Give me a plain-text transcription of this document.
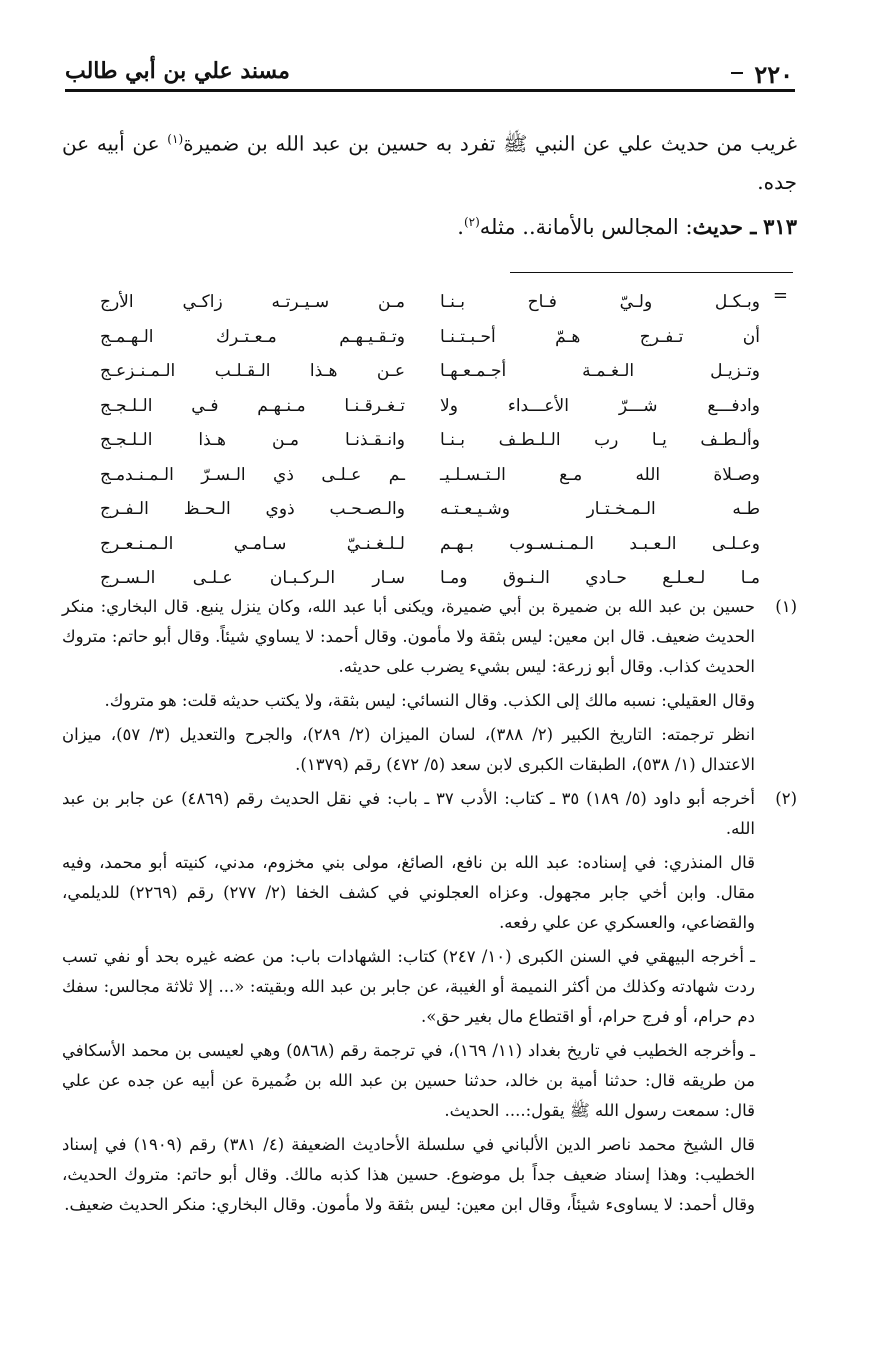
٢٢٠
مسند علي بن أبي طالب

غريب من حديث علي عن النبي ﷺ تفرد به حسين بن عبد الله بن ضميرة$^{(١)}$ عن أبيه عن جده.

٣١٣ ـ حديث: المجالس بالأمانة.. مثله$^{(٢)}$.

=
وبـكـل ولـيّ فـاح بـنـا
مـن سـيـرتـه زاكـي الأرج
أن تـفـرج هـمّ أحـبـتـنـا
وتـقـيـهـم مـعـتـرك الـهـمـج
وتـزيـل الـغـمـة أجـمـعـهـا
عـن هـذا الـقـلـب الـمـنـزعـج
وادفـــع شـــرّ الأعـــداء ولا
تـغـرقـنـا مـنـهـم فـي الـلـجـج
وألـطـف يـا رب الـلـطـف بـنـا
وانـقـذنـا مـن هـذا الـلـجـج
وصـلاة الله مـع الـتـسـلـيـ
ـم عـلـى ذي الـسـرّ الـمـنـدمـج
طـه الـمـخـتـار وشـيـعـتـه
والـصـحـب ذوي الـحـظ الـفـرج
وعـلـى الـعـبـد الـمـنـسـوب بـهـم
لـلـغـنـيّ سـامـي الـمـنـعـرج
مـا لـعـلـع حـادي الـنـوق ومـا
سـار الـركـبـان عـلـى الـسـرج
(١)

حسين بن عبد الله بن ضميرة بن أبي ضميرة، ويكنى أبا عبد الله، وكان ينزل ينبع. قال البخاري: منكر الحديث ضعيف. قال ابن معين: ليس بثقة ولا مأمون. وقال أحمد: لا يساوي شيئاً. وقال أبو حاتم: متروك الحديث كذاب. وقال أبو زرعة: ليس بشيء يضرب على حديثه.

وقال العقيلي: نسبه مالك إلى الكذب. وقال النسائي: ليس بثقة، ولا يكتب حديثه قلت: هو متروك.

انظر ترجمته: التاريخ الكبير (٢/ ٣٨٨)، لسان الميزان (٢/ ٢٨٩)، والجرح والتعديل (٣/ ٥٧)، ميزان الاعتدال (١/ ٥٣٨)، الطبقات الكبرى لابن سعد (٥/ ٤٧٢) رقم (١٣٧٩).

(٢)

أخرجه أبو داود (٥/ ١٨٩) ٣٥ ـ كتاب: الأدب ٣٧ ـ باب: في نقل الحديث رقم (٤٨٦٩) عن جابر بن عبد الله.

قال المنذري: في إسناده: عبد الله بن نافع، الصائغ، مولى بني مخزوم، مدني، كنيته أبو محمد، وفيه مقال. وابن أخي جابر مجهول. وعزاه العجلوني في كشف الخفا (٢/ ٢٧٧) رقم (٢٢٦٩) للديلمي، والقضاعي، والعسكري عن علي رفعه.

ـ أخرجه البيهقي في السنن الكبرى (١٠/ ٢٤٧) كتاب: الشهادات باب: من عضه غيره بحد أو نفي تسب ردت شهادته وكذلك من أكثر النميمة أو الغيبة، عن جابر بن عبد الله وبقيته: «... إلا ثلاثة مجالس: سفك دم حرام، أو فرج حرام، أو اقتطاع مال بغير حق».

ـ وأخرجه الخطيب في تاريخ بغداد (١١/ ١٦٩)، في ترجمة رقم (٥٨٦٨) وهي لعيسى بن محمد الأسكافي من طريقه قال: حدثنا أمية بن خالد، حدثنا حسين بن عبد الله بن ضُميرة عن أبيه عن جده عن علي قال: سمعت رسول الله ﷺ يقول:.... الحديث.

قال الشيخ محمد ناصر الدين الألباني في سلسلة الأحاديث الضعيفة (٤/ ٣٨١) رقم (١٩٠٩) في إسناد الخطيب: وهذا إسناد ضعيف جداً بل موضوع. حسين هذا كذبه مالك. وقال أبو حاتم: متروك الحديث، وقال أحمد: لا يساوىء شيئاً، وقال ابن معين: ليس بثقة ولا مأمون. وقال البخاري: منكر الحديث ضعيف.
